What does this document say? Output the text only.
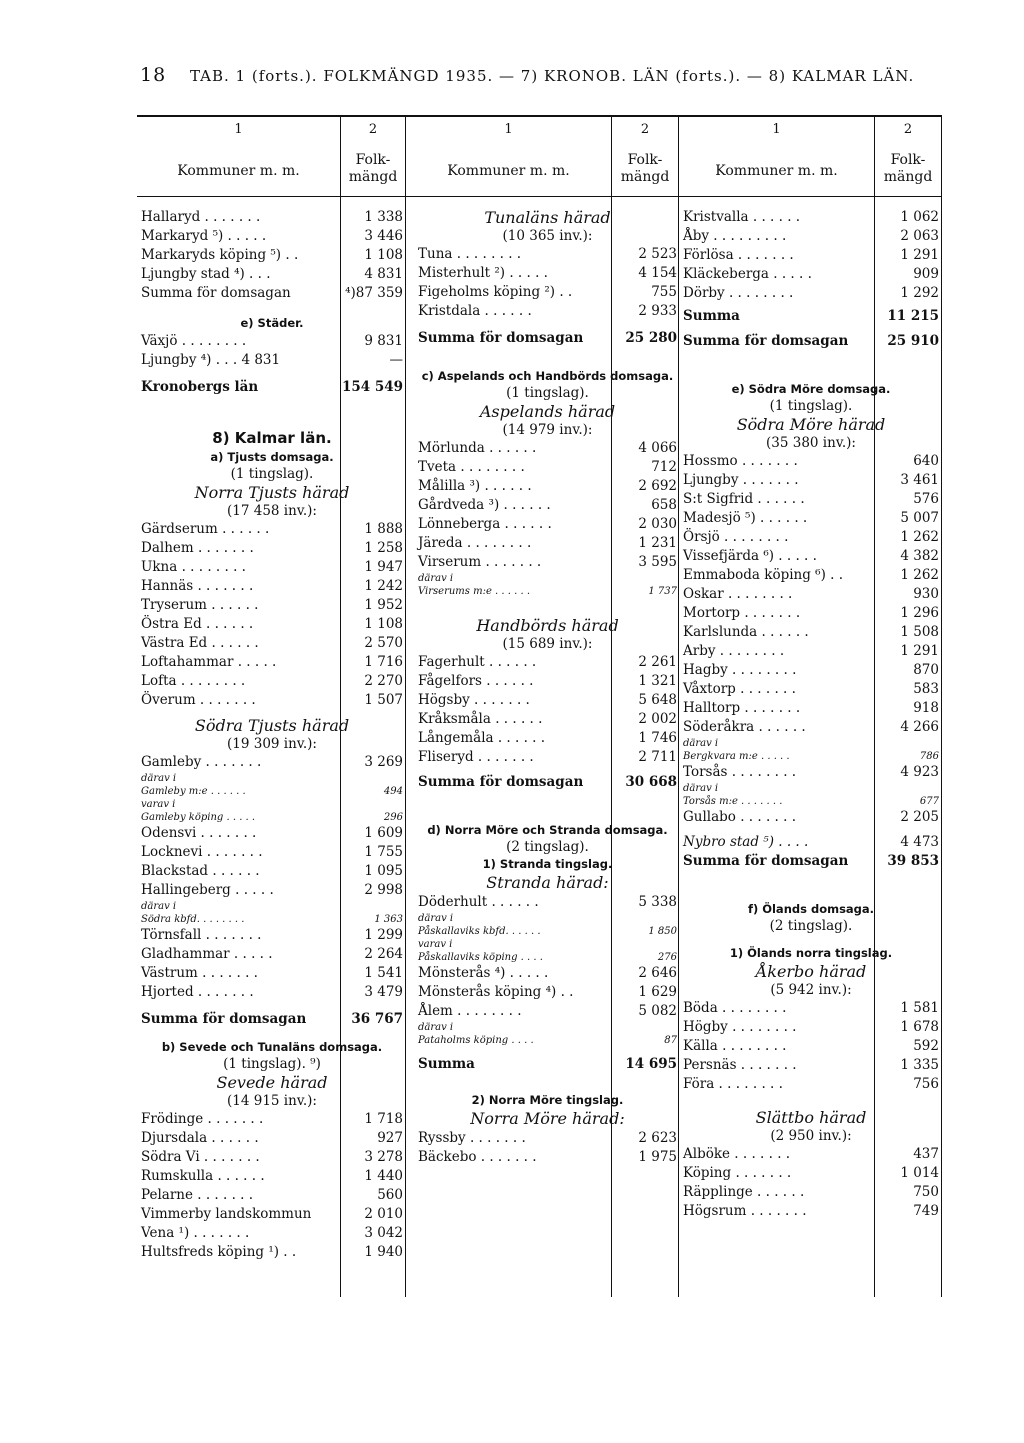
18 TAB. 1 (forts.). FOLKMÄNGD 1935. — 7) KRONOB. LÄN (forts.). — 8) KALMAR LÄN.
1	2	1	2	1	2
Kommuner m. m.
Folk- mängd	Kommuner m. m.
Folk- mängd	Kommuner m. m.
Folk- mängd
Hallaryd . . . . . . .	1 338
Markaryd ⁵) . . . . .	3 446
Markaryds köping ⁵) . .	1 108
Ljungby stad ⁴) . . .	4 831
Summa för domsagan	⁴)87 359
e) Städer.
Växjö . . . . . . . .	9 831
Ljungby ⁴) . . . 4 831	—
Kronobergs län	154 549
8) Kalmar län.
a) Tjusts domsaga.
(1 tingslag).
Norra Tjusts härad
(17 458 inv.):
Gärdserum . . . . . .	1 888
Dalhem . . . . . . .	1 258
Ukna . . . . . . . .	1 947
Hannäs . . . . . . .	1 242
Tryserum . . . . . .	1 952
Östra Ed . . . . . .	1 108
Västra Ed . . . . . .	2 570
Loftahammar . . . . .	1 716
Lofta . . . . . . . .	2 270
Överum . . . . . . .	1 507
Södra Tjusts härad
(19 309 inv.):
Gamleby . . . . . . .	3 269
därav i
Gamleby m:e . . . . . .	494
varav i
Gamleby köping . . . . .	296
Odensvi . . . . . . .	1 609
Locknevi . . . . . . .	1 755
Blackstad . . . . . .	1 095
Hallingeberg . . . . .	2 998
därav i
Södra kbfd. . . . . . . .	1 363
Törnsfall . . . . . . .	1 299
Gladhammar . . . . .	2 264
Västrum . . . . . . .	1 541
Hjorted . . . . . . .	3 479
Summa för domsagan	36 767
b) Sevede och Tunaläns domsaga.
(1 tingslag). ⁹)
Sevede härad
(14 915 inv.):
Frödinge . . . . . . .	1 718
Djursdala . . . . . .	927
Södra Vi . . . . . . .	3 278
Rumskulla . . . . . .	1 440
Pelarne . . . . . . .	560
Vimmerby landskommun	2 010
Vena ¹) . . . . . . .	3 042
Hultsfreds köping ¹) . .	1 940
Tunaläns härad
(10 365 inv.):
Tuna . . . . . . . .	2 523
Misterhult ²) . . . . .	4 154
Figeholms köping ²) . .	755
Kristdala . . . . . .	2 933
Summa för domsagan	25 280
c) Aspelands och Handbörds domsaga.
(1 tingslag).
Aspelands härad
(14 979 inv.):
Mörlunda . . . . . .	4 066
Tveta . . . . . . . .	712
Målilla ³) . . . . . .	2 692
Gårdveda ³) . . . . . .	658
Lönneberga . . . . . .	2 030
Järeda . . . . . . . .	1 231
Virserum . . . . . . .	3 595
därav i
Virserums m:e . . . . . .	1 737
Handbörds härad
(15 689 inv.):
Fagerhult . . . . . .	2 261
Fågelfors . . . . . .	1 321
Högsby . . . . . . .	5 648
Kråksmåla . . . . . .	2 002
Långemåla . . . . . .	1 746
Fliseryd . . . . . . .	2 711
Summa för domsagan	30 668
d) Norra Möre och Stranda domsaga.
(2 tingslag).
1) Stranda tingslag.
Stranda härad:
Döderhult . . . . . .	5 338
därav i
Påskallaviks kbfd. . . . . .	1 850
varav i
Påskallaviks köping . . . .	276
Mönsterås ⁴) . . . . .	2 646
Mönsterås köping ⁴) . .	1 629
Ålem . . . . . . . .	5 082
därav i
Pataholms köping . . . .	87
Summa	14 695
2) Norra Möre tingslag.
Norra Möre härad:
Ryssby . . . . . . .	2 623
Bäckebo . . . . . . .	1 975
Kristvalla . . . . . .	1 062
Åby . . . . . . . . .	2 063
Förlösa . . . . . . .	1 291
Kläckeberga . . . . .	909
Dörby . . . . . . . .	1 292
Summa	11 215
Summa för domsagan	25 910
e) Södra Möre domsaga.
(1 tingslag).
Södra Möre härad
(35 380 inv.):
Hossmo . . . . . . .	640
Ljungby . . . . . . .	3 461
S:t Sigfrid . . . . . .	576
Madesjö ⁵) . . . . . .	5 007
Örsjö . . . . . . . .	1 262
Vissefjärda ⁶) . . . . .	4 382
Emmaboda köping ⁶) . .	1 262
Oskar . . . . . . . .	930
Mortorp . . . . . . .	1 296
Karlslunda . . . . . .	1 508
Arby . . . . . . . .	1 291
Hagby . . . . . . . .	870
Våxtorp . . . . . . .	583
Halltorp . . . . . . .	918
Söderåkra . . . . . .	4 266
därav i
Bergkvara m:e . . . . .	786
Torsås . . . . . . . .	4 923
därav i
Torsås m:e . . . . . . .	677
Gullabo . . . . . . .	2 205
Nybro stad ⁵) . . . .	4 473
Summa för domsagan	39 853
f) Ölands domsaga.
(2 tingslag).
1) Ölands norra tingslag.
Åkerbo härad
(5 942 inv.):
Böda . . . . . . . .	1 581
Högby . . . . . . . .	1 678
Källa . . . . . . . .	592
Persnäs . . . . . . .	1 335
Föra . . . . . . . .	756
Slättbo härad
(2 950 inv.):
Alböke . . . . . . .	437
Köping . . . . . . .	1 014
Räpplinge . . . . . .	750
Högsrum . . . . . . .	749
